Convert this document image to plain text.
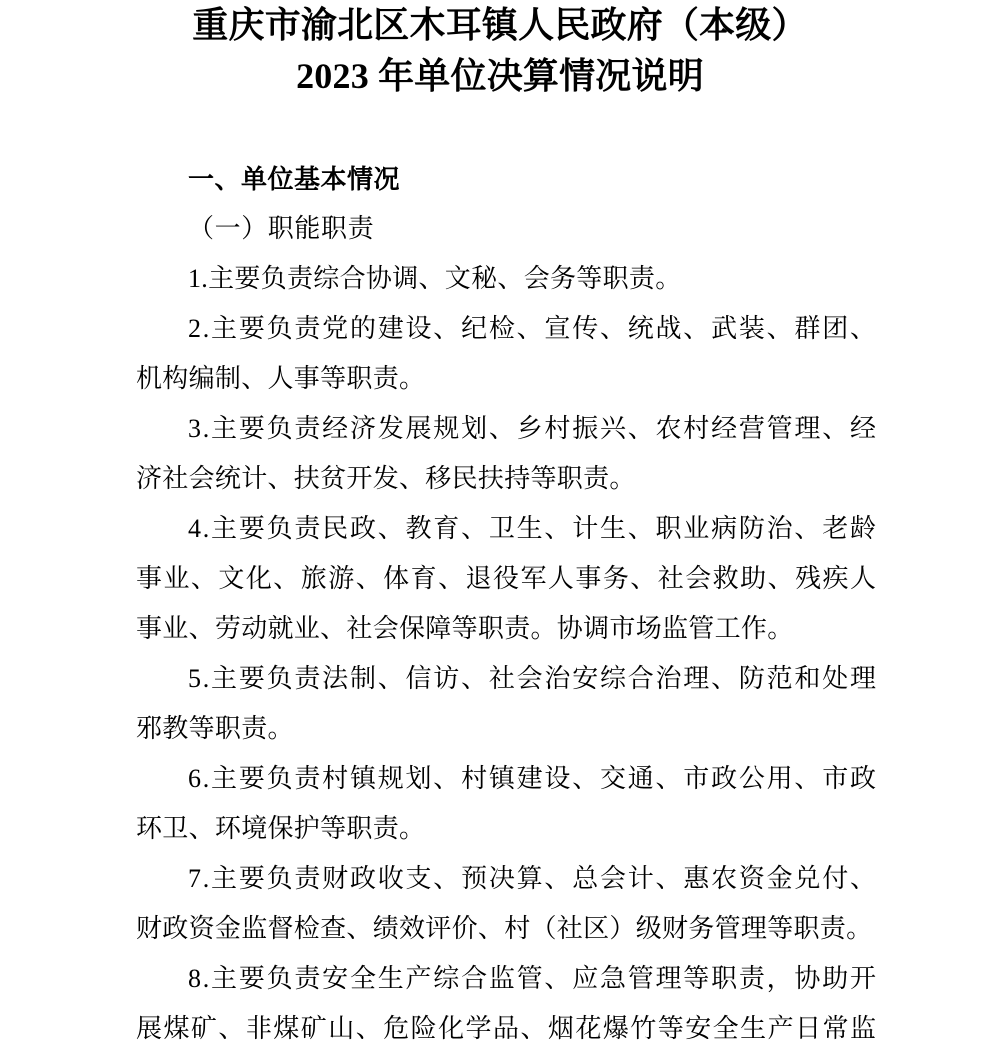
重庆市渝北区木耳镇人民政府（本级）
2023 年单位决算情况说明
一、单位基本情况
（一）职能职责
1.主要负责综合协调、文秘、会务等职责。
2.主要负责党的建设、纪检、宣传、统战、武装、群团、
机构编制、人事等职责。
3.主要负责经济发展规划、乡村振兴、农村经营管理、经
济社会统计、扶贫开发、移民扶持等职责。
4.主要负责民政、教育、卫生、计生、职业病防治、老龄
事业、文化、旅游、体育、退役军人事务、社会救助、残疾人
事业、劳动就业、社会保障等职责。协调市场监管工作。
5.主要负责法制、信访、社会治安综合治理、防范和处理
邪教等职责。
6.主要负责村镇规划、村镇建设、交通、市政公用、市政
环卫、环境保护等职责。
7.主要负责财政收支、预决算、总会计、惠农资金兑付、
财政资金监督检查、绩效评价、村（社区）级财务管理等职责。
8.主要负责安全生产综合监管、应急管理等职责，协助开
展煤矿、非煤矿山、危险化学品、烟花爆竹等安全生产日常监
